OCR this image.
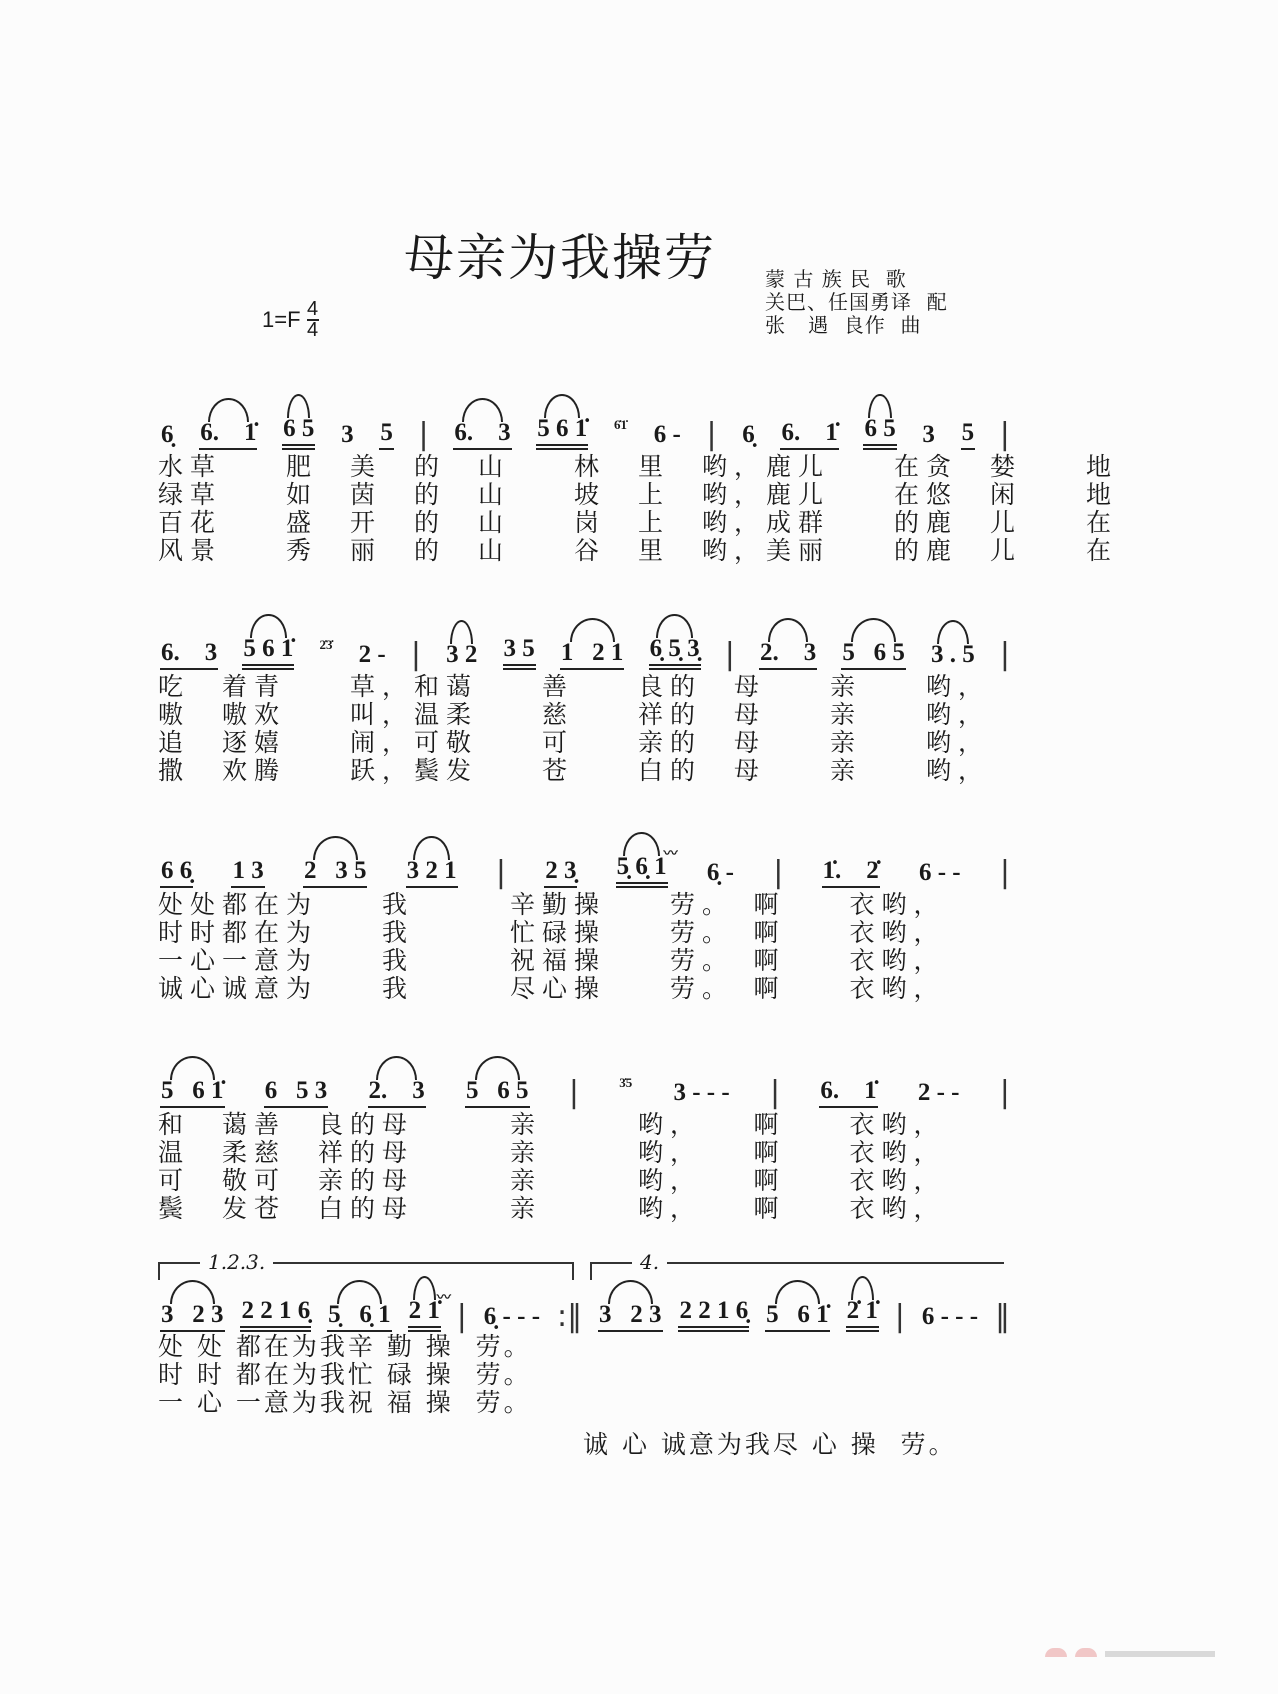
母亲为我操劳
$1=F \frac{4}{4}$
蒙 古 族 民  歌
关巴、任国勇译  配
张   遇  良作  曲
6̣ 6.    1̇ 6 5 3 5 | 6.    3 5 6 1̇ 6̇1̇ 6 - | 6̣ 6.    1̇ 6 5 3 5 |
水草　　肥　美　的　山　　林　里　哟，鹿儿　　在贪　婪　　地
绿草　　如　茵　的　山　　坡　上　哟，鹿儿　　在悠　闲　　地
百花　　盛　开　的　山　　岗　上　哟，成群　　的鹿　儿　　在
风景　　秀　丽　的　山　　谷　里　哟，美丽　　的鹿　儿　　在
6.    3 5 6 1̇ 2̇3̇ 2 - | 3 2 3 5 1   2 1 6̣ 5̣ 3̣ | 2.    3 5   6 5 3 . 5 |
吃　着青　　草，和蔼　　善　　良的　母　　亲　　哟，
嗷　嗷欢　　叫，温柔　　慈　　祥的　母　　亲　　哟，
追　逐嬉　　闹，可敬　　可　　亲的　母　　亲　　哟，
撒　欢腾　　跃，鬓发　　苍　　白的　母　　亲　　哟，
6 6̣ 1 3 2   3 5 3 2 1 | 2 3̣ 5̣ 6̣ 1
〰
6̣ - | 1̇.    2̇ 6 - - |
处处都在为　　我　　　辛勤操　　劳。　啊　　衣哟，
时时都在为　　我　　　忙碌操　　劳。　啊　　衣哟，
一心一意为　　我　　　祝福操　　劳。　啊　　衣哟，
诚心诚意为　　我　　　尽心操　　劳。　啊　　衣哟，
5   6 1̇ 6   5 3 2.    3 5   6 5 |	3̇5 3 - - - | 6.    1̇ 2 - - |
和　蔼善　良的母　　　亲　　　哟，　　啊　　衣哟，
温　柔慈　祥的母　　　亲　　　哟，　　啊　　衣哟，
可　敬可　亲的母　　　亲　　　哟，　　啊　　衣哟，
鬓　发苍　白的母　　　亲　　　哟，　　啊　　衣哟，
1.2.3.	4.
3   2 3 2 2 1 6̣ 5̣   6̣ 1 2 1̇
〰
| 6̣ - - - :‖ 3   2 3 2 2 1 6̣ 5   6 1̇ 2̇ 1̇ | 6 - - - ‖
处 处 都在为我辛 勤 操  劳。
时 时 都在为我忙 碌 操  劳。
一 心 一意为我祝 福 操  劳。
诚 心 诚意为我尽 心 操  劳。
